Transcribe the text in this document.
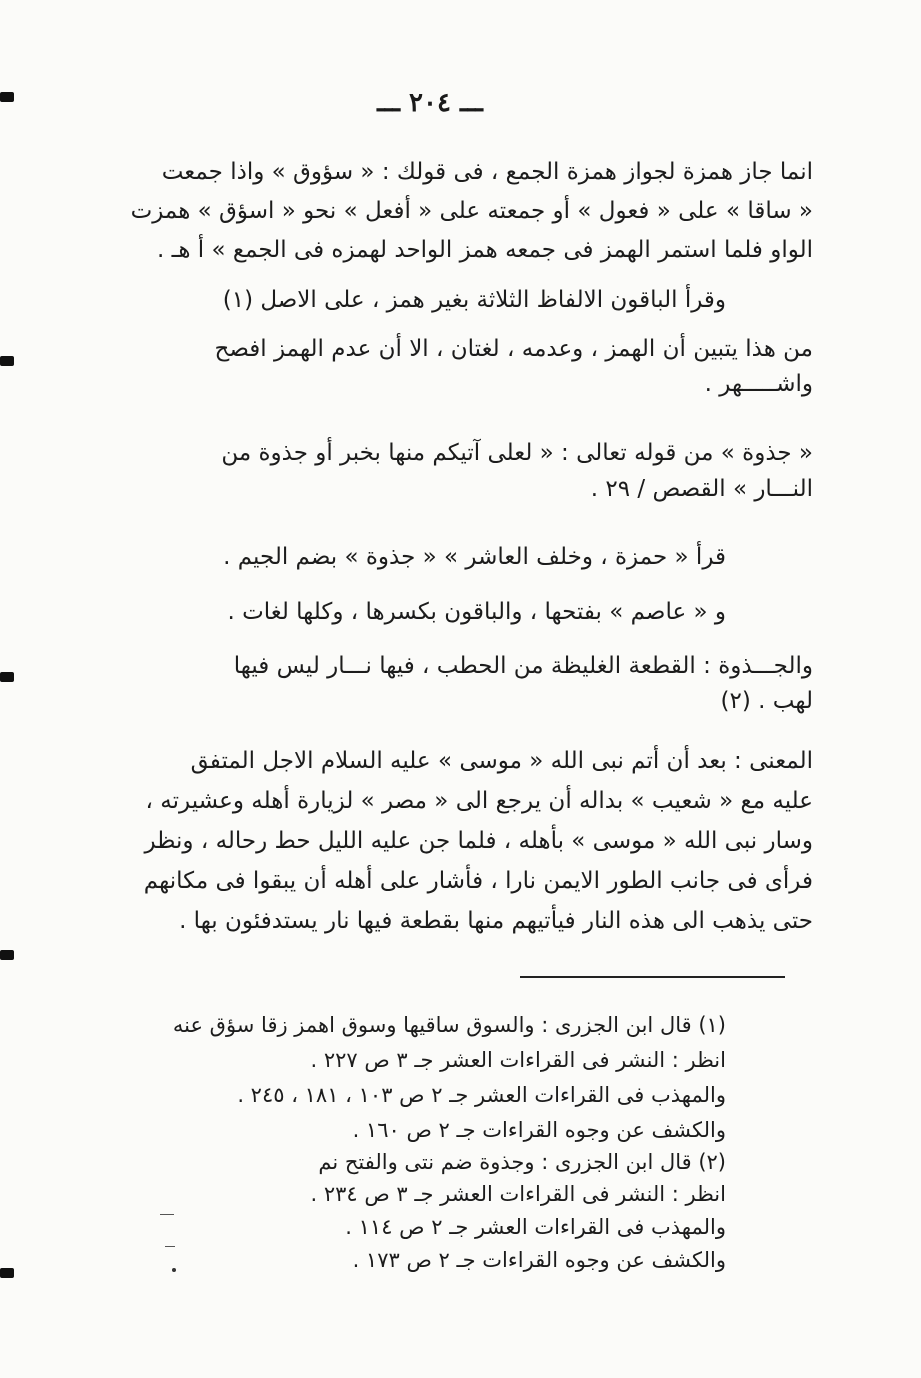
ـــ ٢٠٤ ـــ
انما جاز همزة لجواز همزة الجمع ، فى قولك : « سؤوق » واذا جمعت
« ساقا » على « فعول » أو جمعته على « أفعل » نحو « اسؤق » همزت
الواو فلما استمر الهمز فى جمعه همز الواحد لهمزه فى الجمع » أ هـ .
وقرأ الباقون الالفاظ الثلاثة بغير همز ، على الاصل (١)
من هذا يتبين أن الهمز ، وعدمه ، لغتان ، الا أن عدم الهمز افصح
واشـــــهر .
« جذوة » من قوله تعالى : « لعلى آتيكم منها بخبر أو جذوة من
النـــار » القصص / ٢٩ .
قرأ « حمزة ، وخلف العاشر » « جذوة » بضم الجيم .
و « عاصم » بفتحها ، والباقون بكسرها ، وكلها لغات .
والجـــذوة : القطعة الغليظة من الحطب ، فيها نـــار ليس فيها
لهب . (٢)
المعنى : بعد أن أتم نبى الله « موسى » عليه السلام الاجل المتفق
عليه مع « شعيب » بداله أن يرجع الى « مصر » لزيارة أهله وعشيرته ،
وسار نبى الله « موسى » بأهله ، فلما جن عليه الليل حط رحاله ، ونظر
فرأى فى جانب الطور الايمن نارا ، فأشار على أهله أن يبقوا فى مكانهم
حتى يذهب الى هذه النار فيأتيهم منها بقطعة فيها نار يستدفئون بها .
(١) قال ابن الجزرى : والسوق ساقيها وسوق اهمز زقا سؤق عنه
انظر : النشر فى القراءات العشر جـ ٣ ص ٢٢٧ .
والمهذب فى القراءات العشر جـ ٢ ص ١٠٣ ، ١٨١ ، ٢٤٥ .
والكشف عن وجوه القراءات جـ ٢ ص ١٦٠ .
(٢) قال ابن الجزرى : وجذوة ضم نتى والفتح نم
انظر : النشر فى القراءات العشر جـ ٣ ص ٢٣٤ .
والمهذب فى القراءات العشر جـ ٢ ص ١١٤ .
والكشف عن وجوه القراءات جـ ٢ ص ١٧٣ .
